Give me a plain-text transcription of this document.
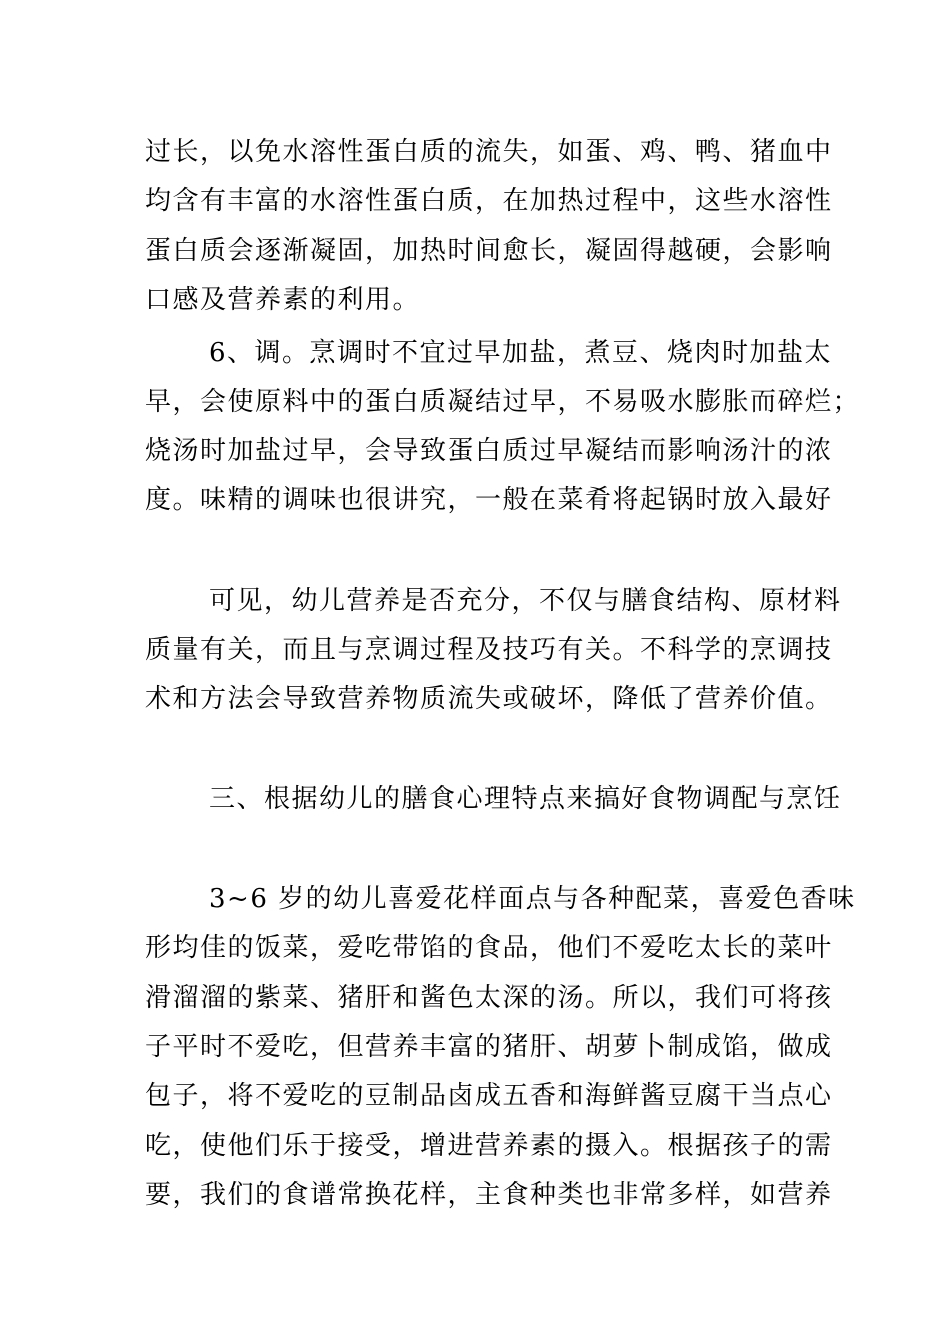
过长，以免水溶性蛋白质的流失，如蛋、鸡、鸭、猪血中
均含有丰富的水溶性蛋白质，在加热过程中，这些水溶性
蛋白质会逐渐凝固，加热时间愈长，凝固得越硬，会影响
口感及营养素的利用。
6、调。烹调时不宜过早加盐，煮豆、烧肉时加盐太
早，会使原料中的蛋白质凝结过早，不易吸水膨胀而碎烂；
烧汤时加盐过早，会导致蛋白质过早凝结而影响汤汁的浓
度。味精的调味也很讲究，一般在菜肴将起锅时放入最好
可见，幼儿营养是否充分，不仅与膳食结构、原材料
质量有关，而且与烹调过程及技巧有关。不科学的烹调技
术和方法会导致营养物质流失或破坏，降低了营养价值。
三、根据幼儿的膳食心理特点来搞好食物调配与烹饪
3~6 岁的幼儿喜爱花样面点与各种配菜，喜爱色香味
形均佳的饭菜，爱吃带馅的食品，他们不爱吃太长的菜叶
滑溜溜的紫菜、猪肝和酱色太深的汤。所以，我们可将孩
子平时不爱吃，但营养丰富的猪肝、胡萝卜制成馅，做成
包子，将不爱吃的豆制品卤成五香和海鲜酱豆腐干当点心
吃，使他们乐于接受，增进营养素的摄入。根据孩子的需
要，我们的食谱常换花样，主食种类也非常多样，如营养
